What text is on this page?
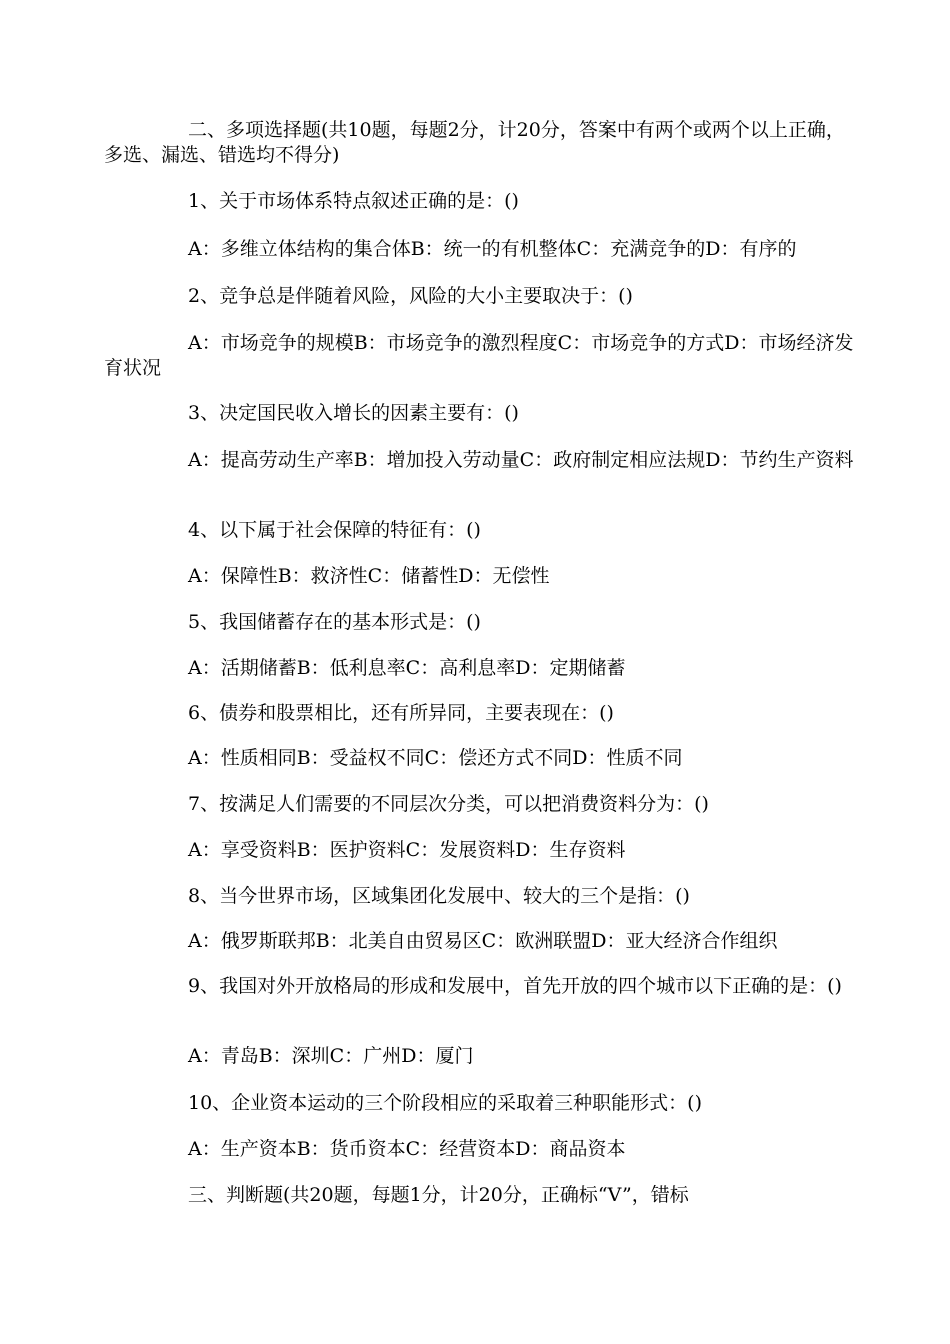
二、多项选择题(共10题，每题2分，计20分，答案中有两个或两个以上正确，多选、漏选、错选均不得分)

1、关于市场体系特点叙述正确的是：()

A：多维立体结构的集合体B：统一的有机整体C：充满竞争的D：有序的

2、竞争总是伴随着风险，风险的大小主要取决于：()

A：市场竞争的规模B：市场竞争的激烈程度C：市场竞争的方式D：市场经济发育状况

3、决定国民收入增长的因素主要有：()

A：提高劳动生产率B：增加投入劳动量C：政府制定相应法规D：节约生产资料

4、以下属于社会保障的特征有：()

A：保障性B：救济性C：储蓄性D：无偿性

5、我国储蓄存在的基本形式是：()

A：活期储蓄B：低利息率C：高利息率D：定期储蓄

6、债券和股票相比，还有所异同，主要表现在：()

A：性质相同B：受益权不同C：偿还方式不同D：性质不同

7、按满足人们需要的不同层次分类，可以把消费资料分为：()

A：享受资料B：医护资料C：发展资料D：生存资料

8、当今世界市场，区域集团化发展中、较大的三个是指：()

A：俄罗斯联邦B：北美自由贸易区C：欧洲联盟D：亚大经济合作组织

9、我国对外开放格局的形成和发展中，首先开放的四个城市以下正确的是：()

A：青岛B：深圳C：广州D：厦门

10、企业资本运动的三个阶段相应的采取着三种职能形式：()

A：生产资本B：货币资本C：经营资本D：商品资本

三、判断题(共20题，每题1分，计20分，正确标“V”，错标
